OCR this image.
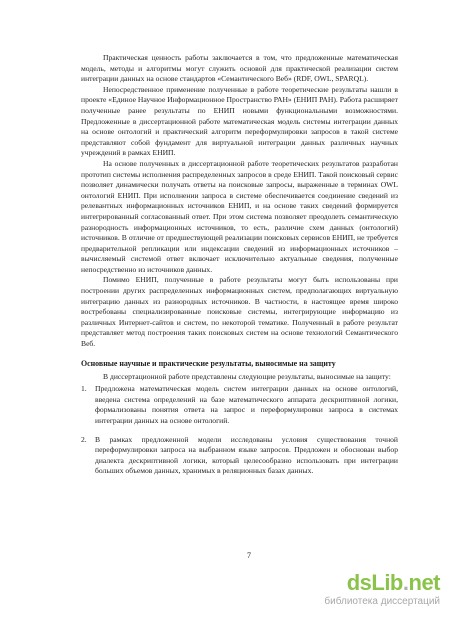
Практическая ценность работы заключается в том, что предложенные математическая модель, методы и алгоритмы могут служить основой для практической реализации систем интеграции данных на основе стандартов «Семантического Веб» (RDF, OWL, SPARQL).

Непосредственное применение полученные в работе теоретические результаты нашли в проекте «Единое Научное Информационное Пространство РАН» (ЕНИП РАН). Работа расширяет полученные ранее результаты по ЕНИП новыми функциональными возможностями. Предложенные в диссертационной работе математическая модель системы интеграции данных на основе онтологий и практический алгоритм переформулировки запросов в такой системе представляют собой фундамент для виртуальной интеграции данных различных научных учреждений в рамках ЕНИП.

На основе полученных в диссертационной работе теоретических результатов разработан прототип системы исполнения распределенных запросов в среде ЕНИП. Такой поисковый сервис позволяет динамически получать ответы на поисковые запросы, выраженные в терминах OWL онтологий ЕНИП. При исполнении запроса в системе обеспечивается соединение сведений из релевантных информационных источников ЕНИП, и на основе таких сведений формируется интегрированный согласованный ответ. При этом система позволяет преодолеть семантическую разнородность информационных источников, то есть, различие схем данных (онтологий) источников. В отличие от предшествующей реализации поисковых сервисов ЕНИП, не требуется предварительной репликации или индексации сведений из информационных источников – вычисляемый системой ответ включает исключительно актуальные сведения, полученные непосредственно из источников данных.

Помимо ЕНИП, полученные в работе результаты могут быть использованы при построении других распределенных информационных систем, предполагающих виртуальную интеграцию данных из разнородных источников. В частности, в настоящее время широко востребованы специализированные поисковые системы, интегрирующие информацию из различных Интернет-сайтов и систем, по некоторой тематике. Полученный в работе результат представляет метод построения таких поисковых систем на основе технологий Семантического Веб.

Основные научные и практические результаты, выносимые на защиту

В диссертационной работе представлены следующие результаты, выносимые на защиту:

1.	Предложена математическая модель систем интеграции данных на основе онтологий, введена система определений на базе математического аппарата дескриптивной логики, формализованы понятия ответа на запрос и переформулировки запроса в системах интеграции данных на основе онтологий.
2.	В рамках предложенной модели исследованы условия существования точной переформулировки запроса на выбранном языке запросов. Предложен и обоснован выбор диалекта дескриптивной логики, который целесообразно использовать при интеграции больших объемов данных, хранимых в реляционных базах данных.
7
dsLib.net
библиотека диссертаций
